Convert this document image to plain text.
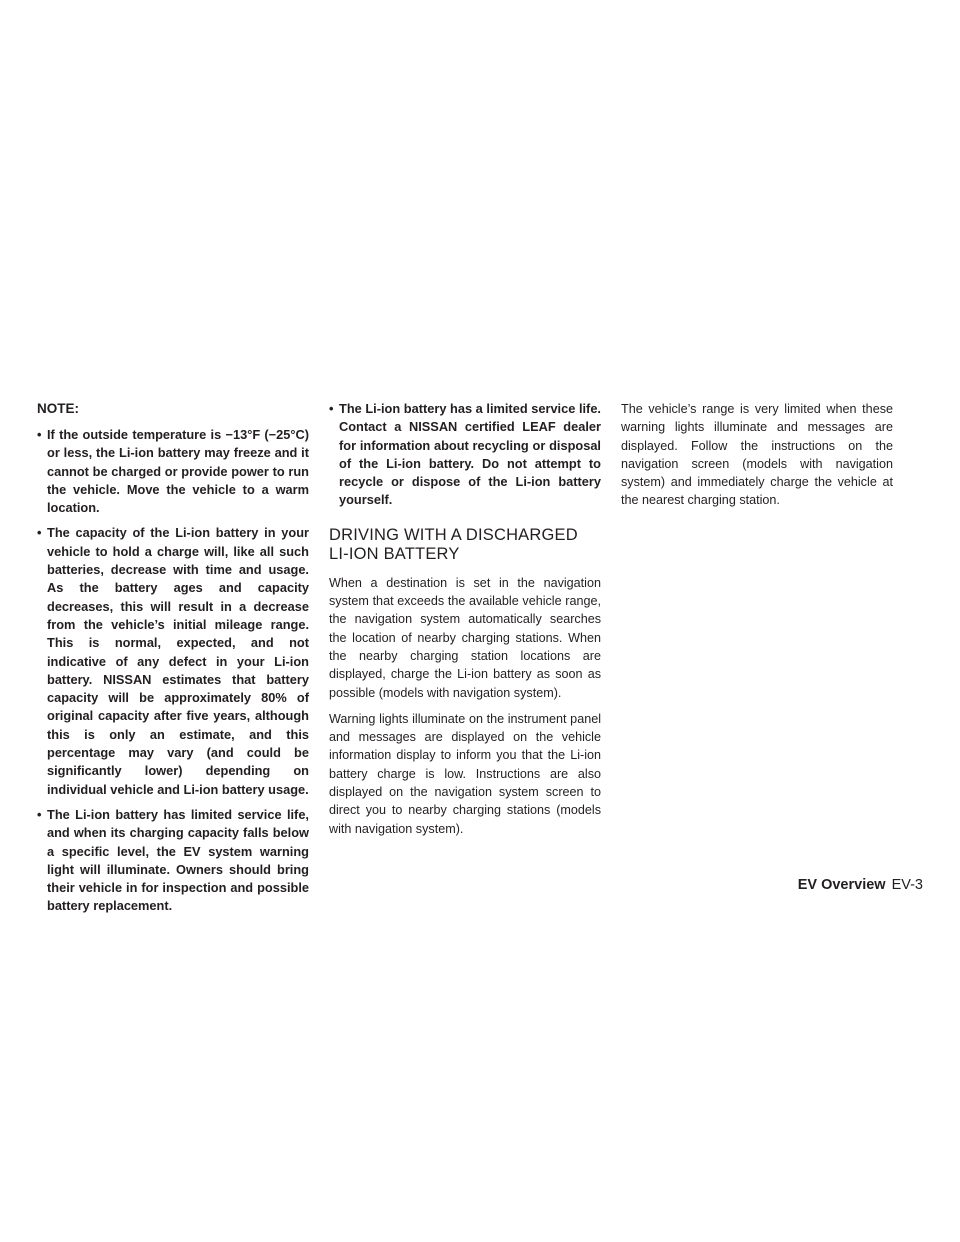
NOTE:
• If the outside temperature is −13°F (−25°C) or less, the Li-ion battery may freeze and it cannot be charged or provide power to run the vehicle. Move the vehicle to a warm location.
• The capacity of the Li-ion battery in your vehicle to hold a charge will, like all such batteries, decrease with time and usage. As the battery ages and capacity decreases, this will result in a decrease from the vehicle’s initial mileage range. This is normal, expected, and not indicative of any defect in your Li-ion battery. NISSAN estimates that battery capacity will be approximately 80% of original capacity after five years, although this is only an estimate, and this percentage may vary (and could be significantly lower) depending on individual vehicle and Li-ion battery usage.
• The Li-ion battery has limited service life, and when its charging capacity falls below a specific level, the EV system warning light will illuminate. Owners should bring their vehicle in for inspection and possible battery replacement.
• The Li-ion battery has a limited service life. Contact a NISSAN certified LEAF dealer for information about recycling or disposal of the Li-ion battery. Do not attempt to recycle or dispose of the Li-ion battery yourself.
DRIVING WITH A DISCHARGED LI-ION BATTERY

When a destination is set in the navigation system that exceeds the available vehicle range, the navigation system automatically searches the location of nearby charging stations. When the nearby charging station locations are displayed, charge the Li-ion battery as soon as possible (models with navigation system).

Warning lights illuminate on the instrument panel and messages are displayed on the vehicle information display to inform you that the Li-ion battery charge is low. Instructions are also displayed on the navigation system screen to direct you to nearby charging stations (models with navigation system).

The vehicle’s range is very limited when these warning lights illuminate and messages are displayed. Follow the instructions on the navigation screen (models with navigation system) and immediately charge the vehicle at the nearest charging station.

EV Overview EV-3
